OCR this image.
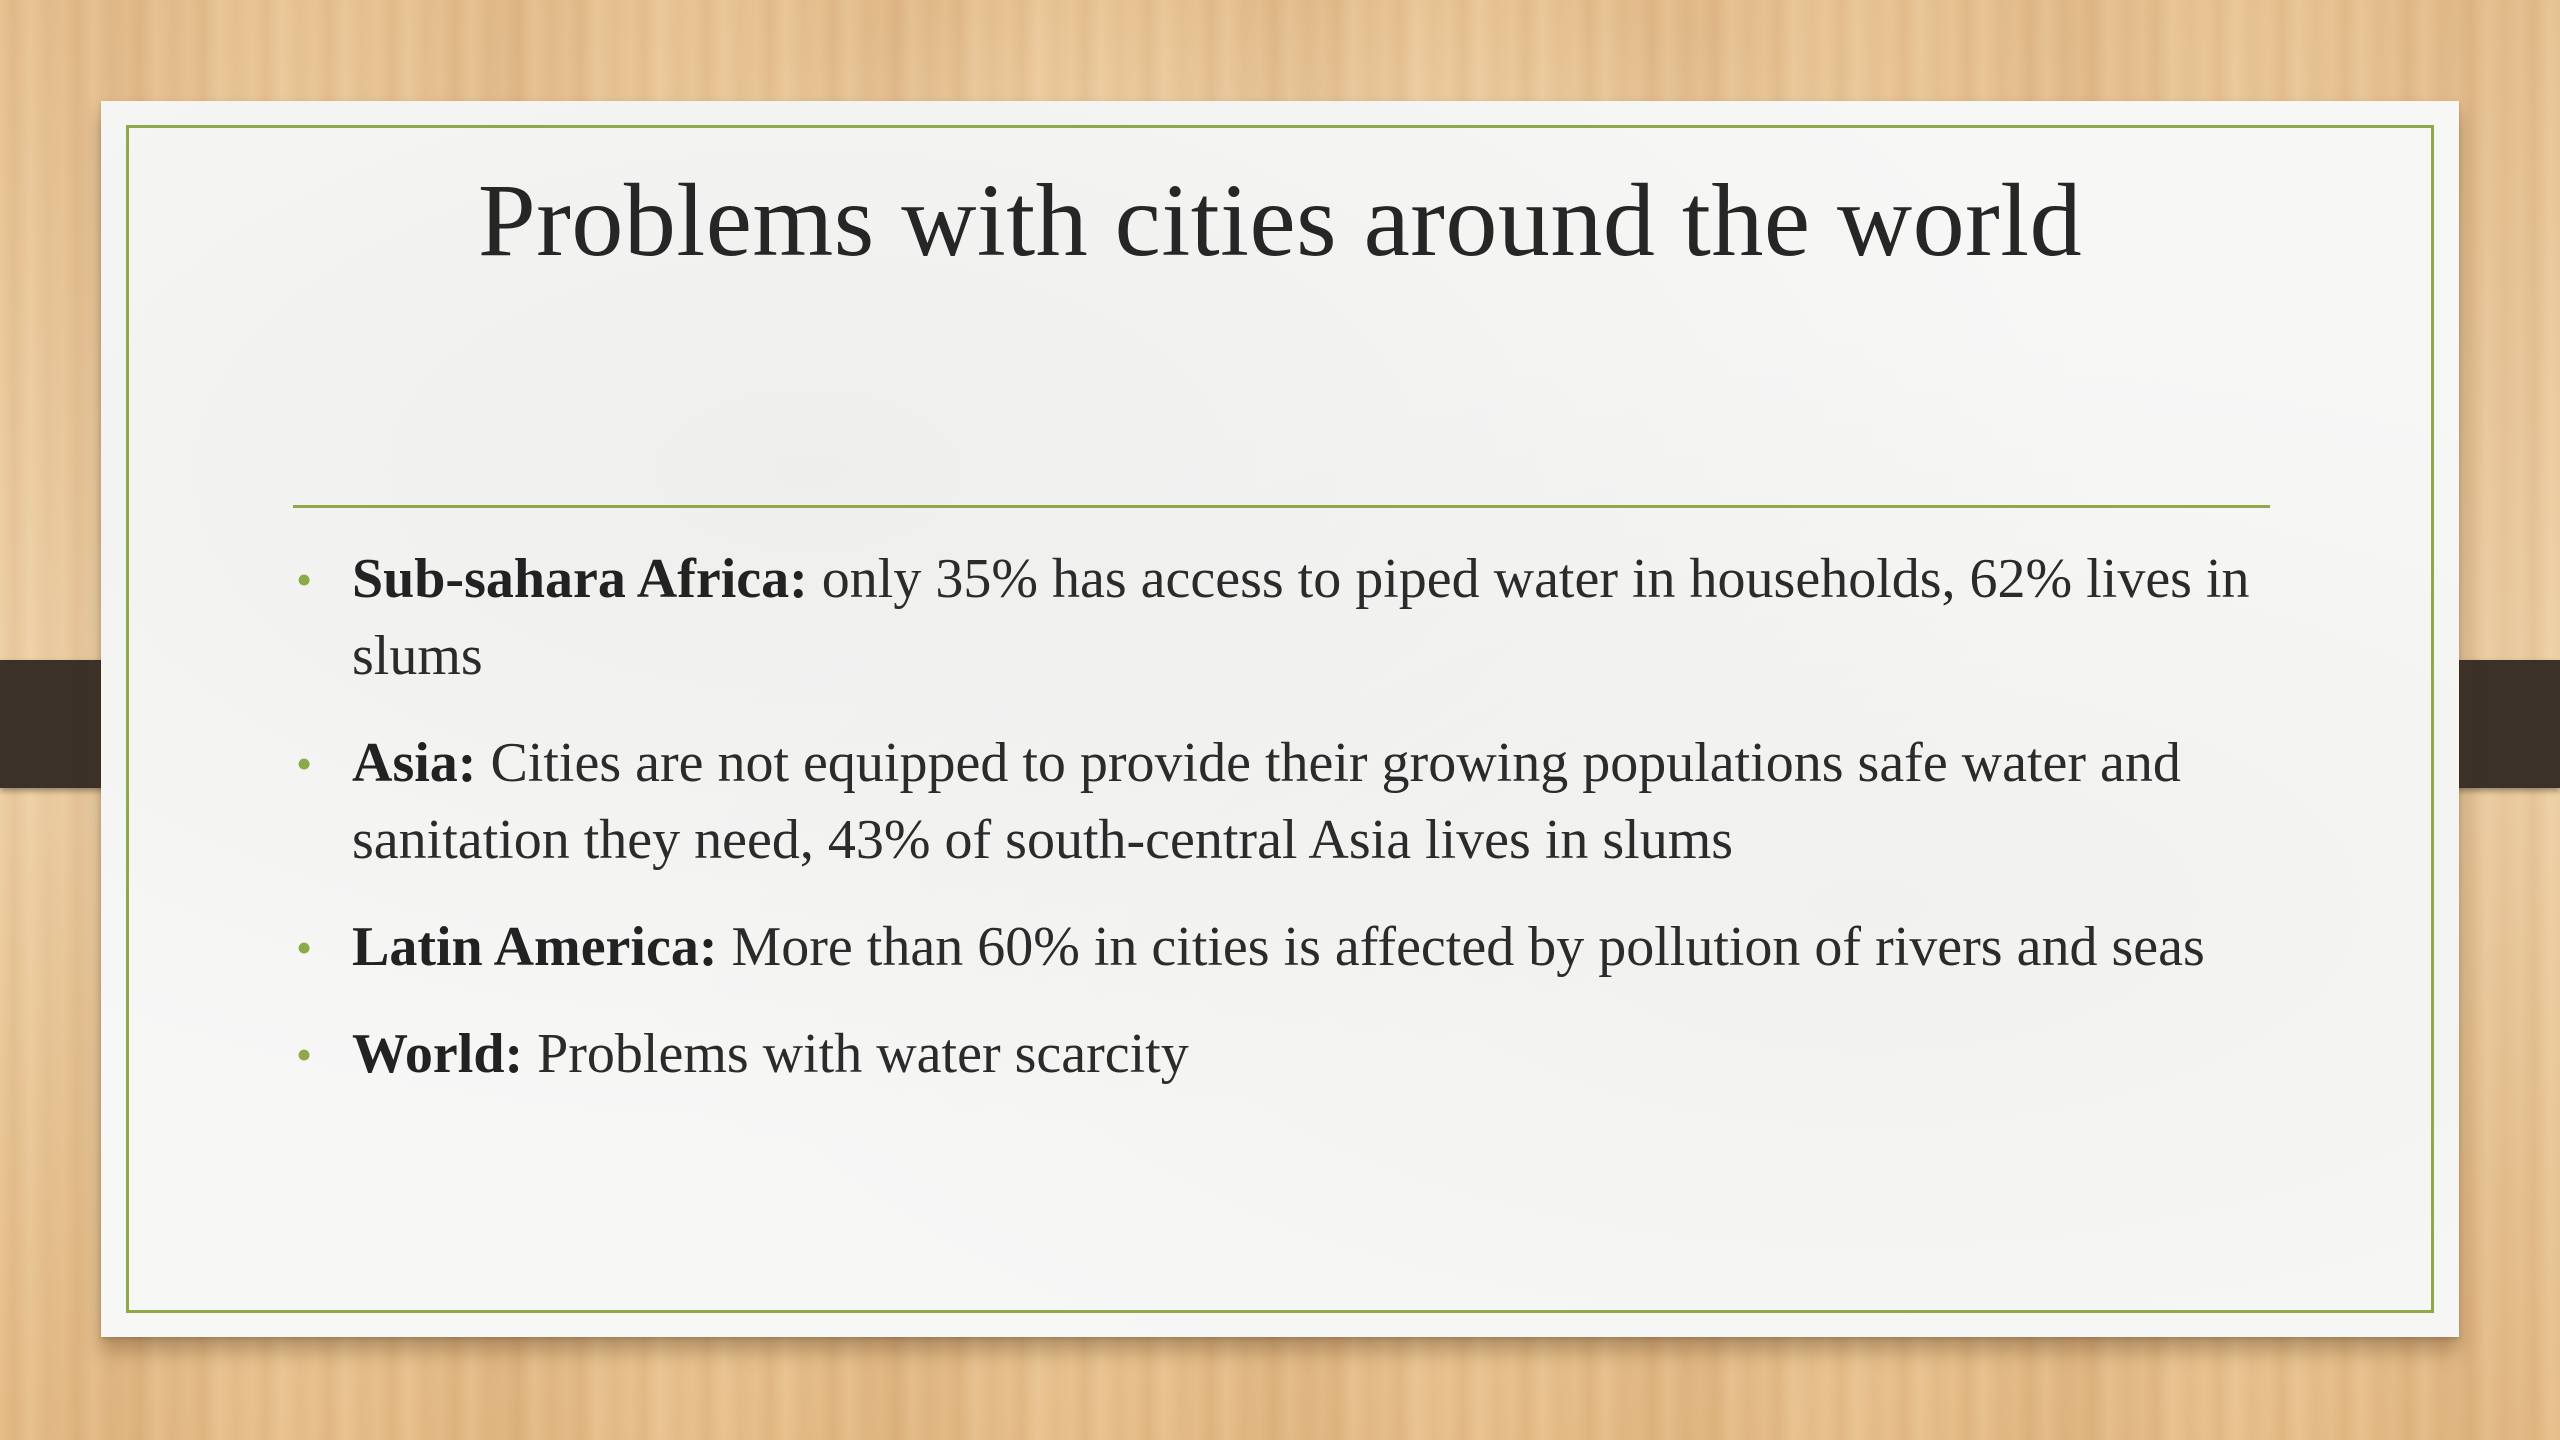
Problems with cities around the world
• Sub-sahara Africa: only 35% has access to piped water in households, 62% lives in slums
• Asia: Cities are not equipped to provide their growing populations safe water and sanitation they need, 43% of south-central Asia lives in slums
• Latin America: More than 60% in cities is affected by pollution of rivers and seas
• World: Problems with water scarcity
